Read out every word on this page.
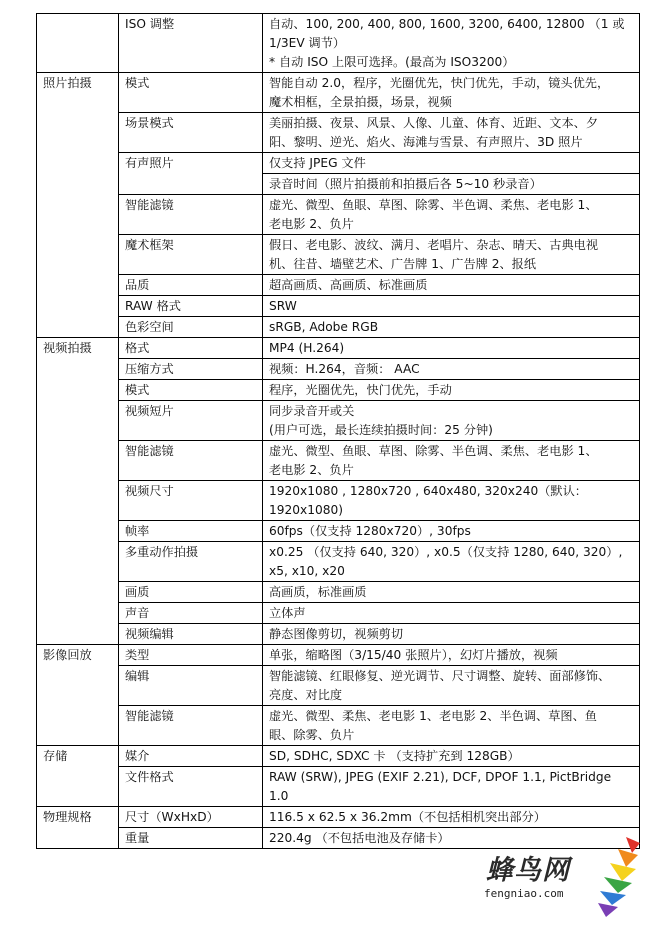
	ISO 调整	自动、100, 200, 400, 800, 1600, 3200, 6400, 12800 （1 或
1/3EV 调节）
* 自动 ISO 上限可选择。(最高为 ISO3200）

照片拍摄	模式	智能自动 2.0，程序，光圈优先，快门优先，手动，镜头优先，
魔术相框，全景拍摄，场景，视频

	场景模式	美丽拍摄、夜景、风景、人像、儿童、体育、近距、文本、夕
阳、黎明、逆光、焰火、海滩与雪景、有声照片、3D 照片

	有声照片	仅支持 JPEG 文件

		录音时间（照片拍摄前和拍摄后各 5~10 秒录音）

	智能滤镜	虚光、微型、鱼眼、草图、除雾、半色调、柔焦、老电影 1、
老电影 2、负片

	魔术框架	假日、老电影、波纹、满月、老唱片、杂志、晴天、古典电视
机、往昔、墙壁艺术、广告牌 1、广告牌 2、报纸

	品质	超高画质、高画质、标准画质

	RAW 格式	SRW

	色彩空间	sRGB, Adobe RGB

视频拍摄	格式	MP4 (H.264)

	压缩方式	视频：H.264，音频： AAC

	模式	程序，光圈优先，快门优先，手动

	视频短片	同步录音开或关
(用户可选，最长连续拍摄时间：25 分钟)

	智能滤镜	虚光、微型、鱼眼、草图、除雾、半色调、柔焦、老电影 1、
老电影 2、负片

	视频尺寸	1920x1080 , 1280x720 , 640x480, 320x240（默认：
1920x1080)

	帧率	60fps（仅支持 1280x720）, 30fps

	多重动作拍摄	x0.25 （仅支持 640, 320）, x0.5（仅支持 1280, 640, 320）,
x5, x10, x20

	画质	高画质，标准画质

	声音	立体声

	视频编辑	静态图像剪切，视频剪切

影像回放	类型	单张，缩略图（3/15/40 张照片），幻灯片播放，视频

	编辑	智能滤镜、红眼修复、逆光调节、尺寸调整、旋转、面部修饰、
亮度、对比度

	智能滤镜	虚光、微型、柔焦、老电影 1、老电影 2、半色调、草图、鱼
眼、除雾、负片

存储	媒介	SD, SDHC, SDXC 卡 （支持扩充到 128GB）

	文件格式	RAW (SRW), JPEG (EXIF 2.21), DCF, DPOF 1.1, PictBridge
1.0

物理规格	尺寸（WxHxD）	116.5 x 62.5 x 36.2mm（不包括相机突出部分）

	重量	220.4g （不包括电池及存储卡）
蜂鸟网
fengniao.com
